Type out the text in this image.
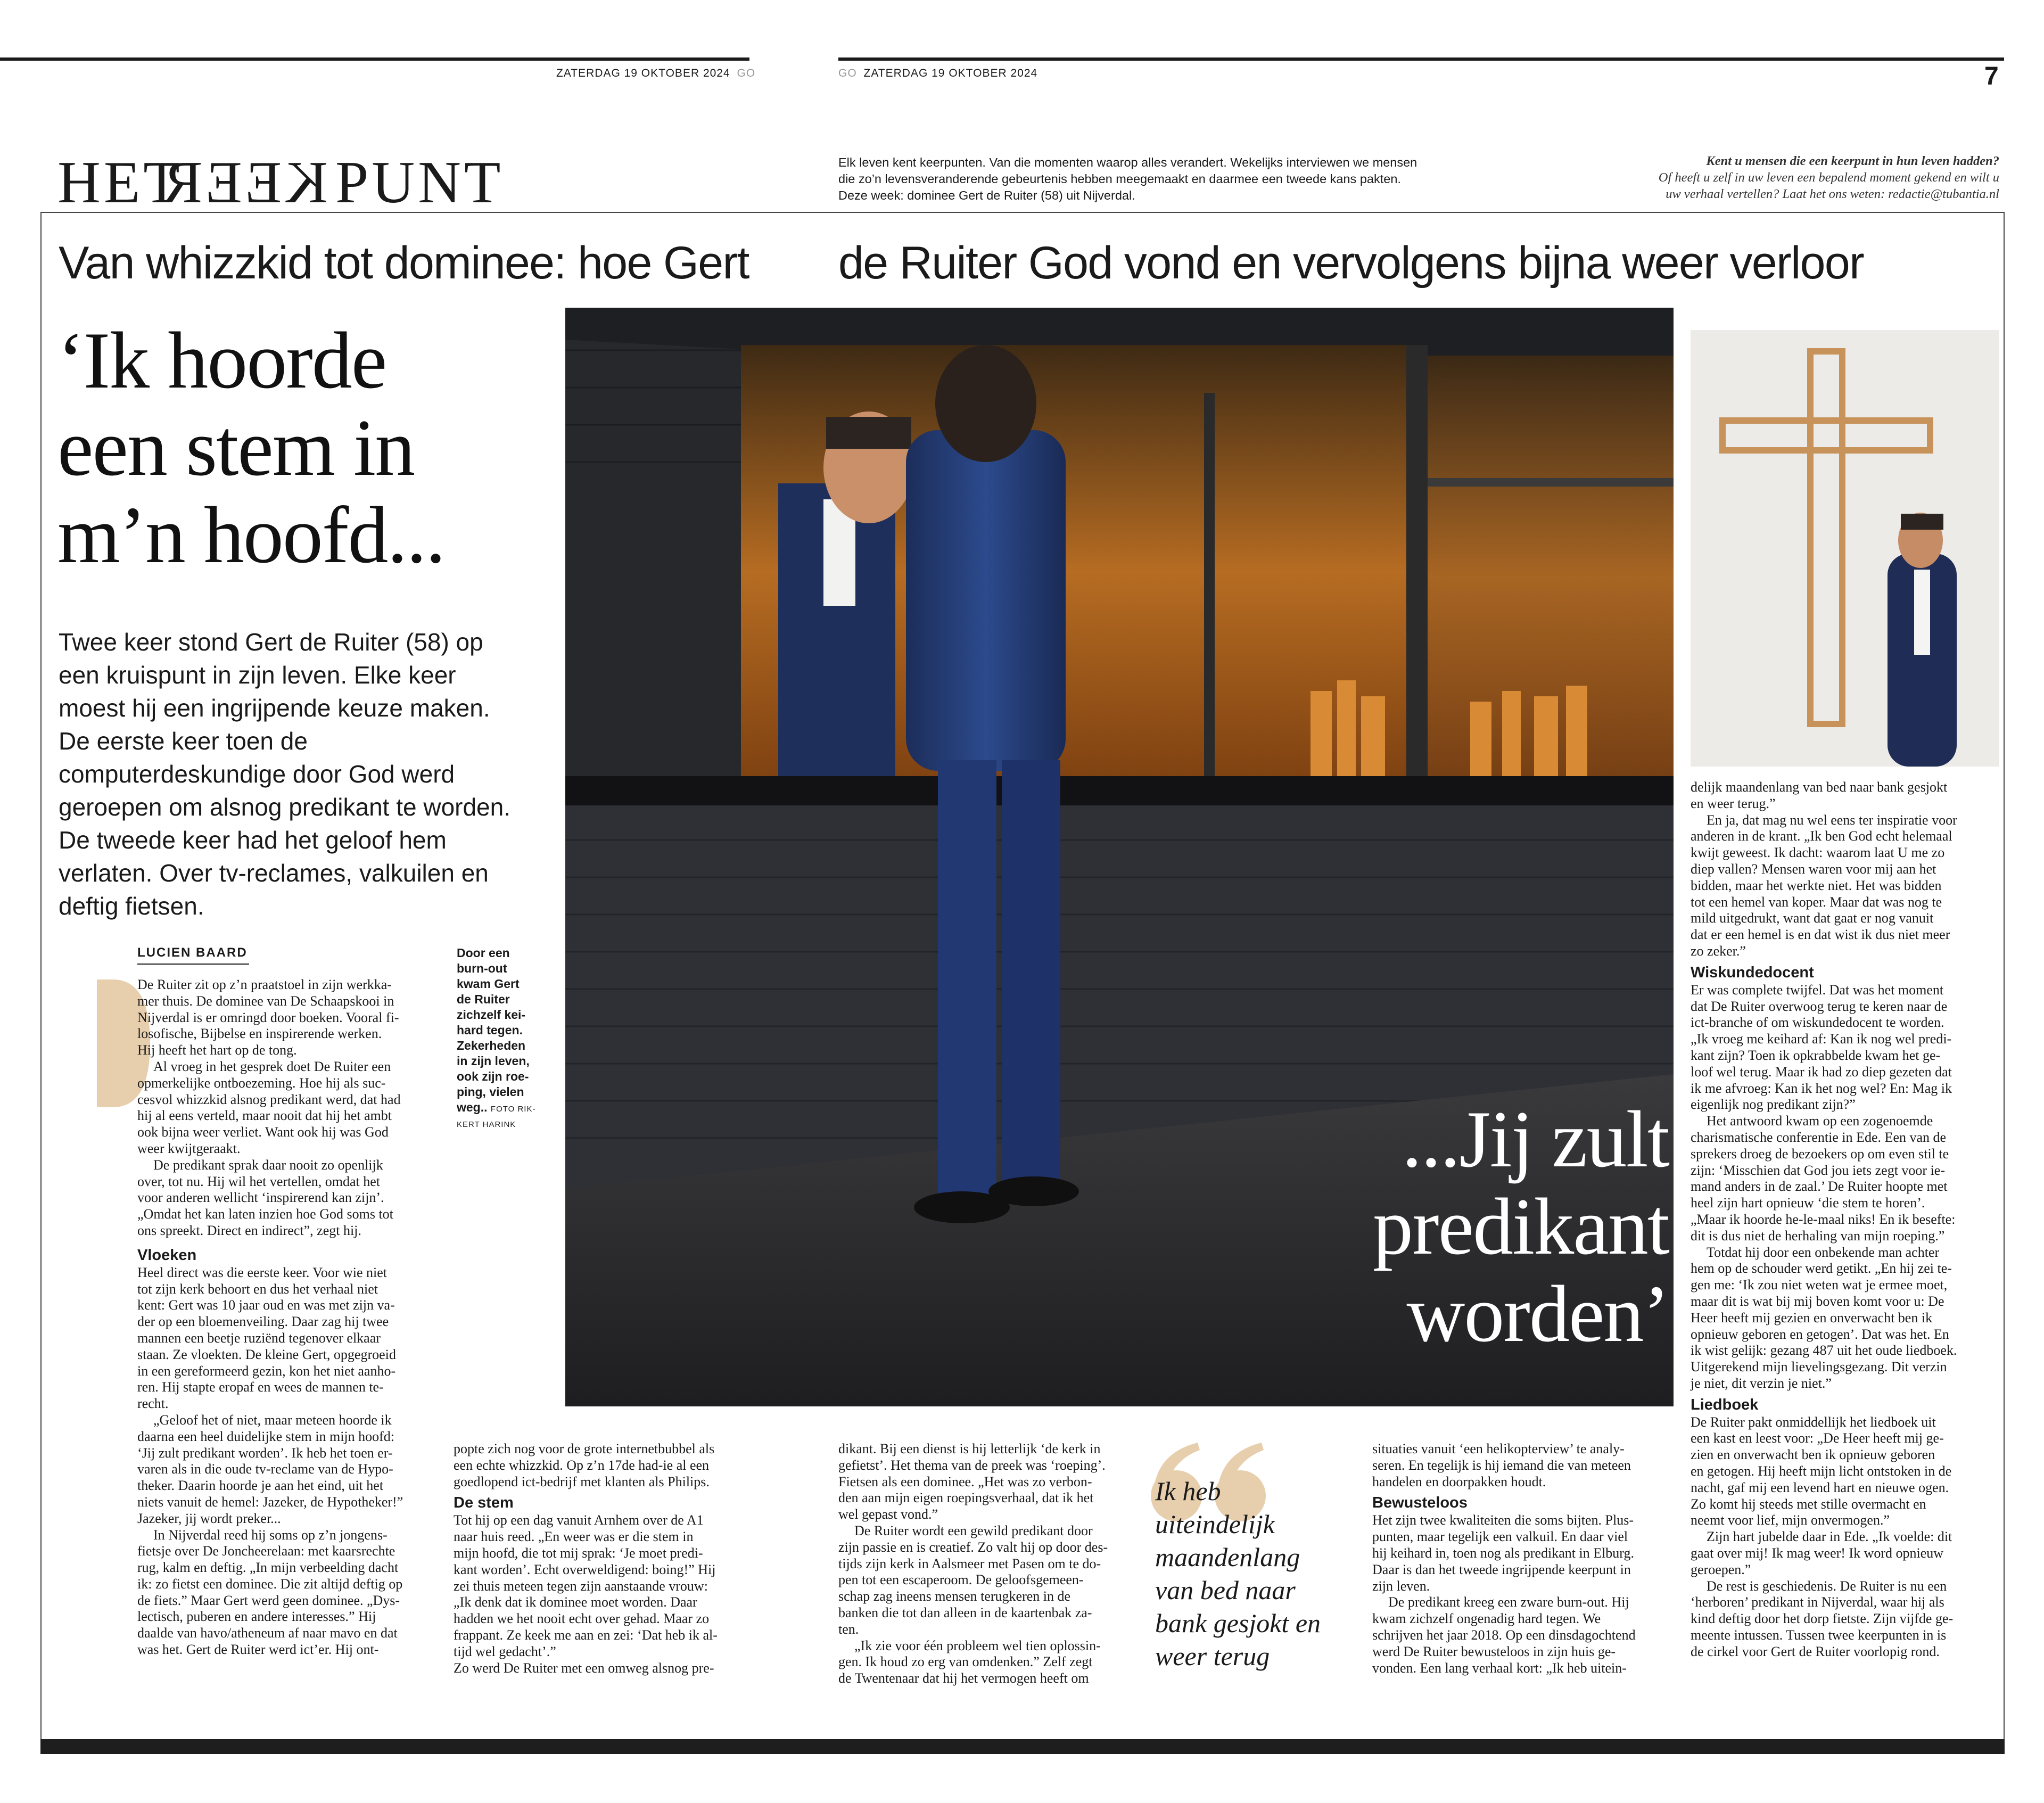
ZATERDAG 19 OKTOBER 2024 GO	GO ZATERDAG 19 OKTOBER 2024	7
HET
KEER PUNT	Elk leven kent keerpunten. Van die momenten waarop alles verandert. Wekelijks interviewen we mensen
die zo’n levensveranderende gebeurtenis hebben meegemaakt en daarmee een tweede kans pakten.
Deze week: dominee Gert de Ruiter (58) uit Nijverdal.
Kent u mensen die een keerpunt in hun leven hadden?
Of heeft u zelf in uw leven een bepalend moment gekend en wilt u
uw verhaal vertellen? Laat het ons weten: redactie@tubantia.nl
Van whizzkid tot dominee: hoe Gert de Ruiter God vond en vervolgens bijna weer verloor
‘Ik hoorde
een stem in
m’n hoofd...
Twee keer stond Gert de Ruiter (58) op
een kruispunt in zijn leven. Elke keer
moest hij een ingrijpende keuze maken.
De eerste keer toen de
computerdeskundige door God werd
geroepen om alsnog predikant te worden.
De tweede keer had het geloof hem
verlaten. Over tv-reclames, valkuilen en
deftig fietsen.
LUCIEN BAARD	Door een
burn-out
kwam Gert
de Ruiter
zichzelf kei-
hard tegen.
Zekerheden
in zijn leven,
ook zijn roe-
ping, vielen
weg.. FOTO RIK-
KERT HARINK	...Jij zult
predikant
worden’
Ik heb
uiteindelijk
maandenlang
van bed naar
bank gesjokt en
weer terug

De Ruiter zit op z’n praatstoel in zijn werkka-
mer thuis. De dominee van De Schaapskooi in
Nijverdal is er omringd door boeken. Vooral fi-
losofische, Bijbelse en inspirerende werken.
Hij heeft het hart op de tong.

Al vroeg in het gesprek doet De Ruiter een
opmerkelijke ontboezeming. Hoe hij als suc-
cesvol whizzkid alsnog predikant werd, dat had
hij al eens verteld, maar nooit dat hij het ambt
ook bijna weer verliet. Want ook hij was God
weer kwijtgeraakt.

De predikant sprak daar nooit zo openlijk
over, tot nu. Hij wil het vertellen, omdat het
voor anderen wellicht ‘inspirerend kan zijn’.
„Omdat het kan laten inzien hoe God soms tot
ons spreekt. Direct en indirect”, zegt hij.

Vloeken

Heel direct was die eerste keer. Voor wie niet
tot zijn kerk behoort en dus het verhaal niet
kent: Gert was 10 jaar oud en was met zijn va-
der op een bloemenveiling. Daar zag hij twee
mannen een beetje ruziënd tegenover elkaar
staan. Ze vloekten. De kleine Gert, opgegroeid
in een gereformeerd gezin, kon het niet aanho-
ren. Hij stapte eropaf en wees de mannen te-
recht.

„Geloof het of niet, maar meteen hoorde ik
daarna een heel duidelijke stem in mijn hoofd:
‘Jij zult predikant worden’. Ik heb het toen er-
varen als in die oude tv-reclame van de Hypo-
theker. Daarin hoorde je aan het eind, uit het
niets vanuit de hemel: Jazeker, de Hypotheker!”
Jazeker, jij wordt preker...

In Nijverdal reed hij soms op z’n jongens-
fietsje over De Joncheerelaan: met kaarsrechte
rug, kalm en deftig. „In mijn verbeelding dacht
ik: zo fietst een dominee. Die zit altijd deftig op
de fiets.” Maar Gert werd geen dominee. „Dys-
lectisch, puberen en andere interesses.” Hij
daalde van havo/atheneum af naar mavo en dat
was het. Gert de Ruiter werd ict’er. Hij ont-

popte zich nog voor de grote internetbubbel als
een echte whizzkid. Op z’n 17de had-ie al een
goedlopend ict-bedrijf met klanten als Philips.

De stem

Tot hij op een dag vanuit Arnhem over de A1
naar huis reed. „En weer was er die stem in
mijn hoofd, die tot mij sprak: ‘Je moet predi-
kant worden’. Echt overweldigend: boing!” Hij
zei thuis meteen tegen zijn aanstaande vrouw:
„Ik denk dat ik dominee moet worden. Daar
hadden we het nooit echt over gehad. Maar zo
frappant. Ze keek me aan en zei: ‘Dat heb ik al-
tijd wel gedacht’.”
Zo werd De Ruiter met een omweg alsnog pre-

dikant. Bij een dienst is hij letterlijk ‘de kerk in
gefietst’. Het thema van de preek was ‘roeping’.
Fietsen als een dominee. „Het was zo verbon-
den aan mijn eigen roepingsverhaal, dat ik het
wel gepast vond.”

De Ruiter wordt een gewild predikant door
zijn passie en is creatief. Zo valt hij op door des-
tijds zijn kerk in Aalsmeer met Pasen om te do-
pen tot een escaperoom. De geloofsgemeen-
schap zag ineens mensen terugkeren in de
banken die tot dan alleen in de kaartenbak za-
ten.

„Ik zie voor één probleem wel tien oplossin-
gen. Ik houd zo erg van omdenken.” Zelf zegt
de Twentenaar dat hij het vermogen heeft om

situaties vanuit ‘een helikopterview’ te analy-
seren. En tegelijk is hij iemand die van meteen
handelen en doorpakken houdt.

Bewusteloos

Het zijn twee kwaliteiten die soms bijten. Plus-
punten, maar tegelijk een valkuil. En daar viel
hij keihard in, toen nog als predikant in Elburg.
Daar is dan het tweede ingrijpende keerpunt in
zijn leven.

De predikant kreeg een zware burn-out. Hij
kwam zichzelf ongenadig hard tegen. We
schrijven het jaar 2018. Op een dinsdagochtend
werd De Ruiter bewusteloos in zijn huis ge-
vonden. Een lang verhaal kort: „Ik heb uitein-

delijk maandenlang van bed naar bank gesjokt
en weer terug.”

En ja, dat mag nu wel eens ter inspiratie voor
anderen in de krant. „Ik ben God echt helemaal
kwijt geweest. Ik dacht: waarom laat U me zo
diep vallen? Mensen waren voor mij aan het
bidden, maar het werkte niet. Het was bidden
tot een hemel van koper. Maar dat was nog te
mild uitgedrukt, want dat gaat er nog vanuit
dat er een hemel is en dat wist ik dus niet meer
zo zeker.”

Wiskundedocent

Er was complete twijfel. Dat was het moment
dat De Ruiter overwoog terug te keren naar de
ict-branche of om wiskundedocent te worden.
„Ik vroeg me keihard af: Kan ik nog wel predi-
kant zijn? Toen ik opkrabbelde kwam het ge-
loof wel terug. Maar ik had zo diep gezeten dat
ik me afvroeg: Kan ik het nog wel? En: Mag ik
eigenlijk nog predikant zijn?”

Het antwoord kwam op een zogenoemde
charismatische conferentie in Ede. Een van de
sprekers droeg de bezoekers op om even stil te
zijn: ‘Misschien dat God jou iets zegt voor ie-
mand anders in de zaal.’ De Ruiter hoopte met
heel zijn hart opnieuw ‘die stem te horen’.
„Maar ik hoorde he-le-maal niks! En ik besefte:
dit is dus niet de herhaling van mijn roeping.”

Totdat hij door een onbekende man achter
hem op de schouder werd getikt. „En hij zei te-
gen me: ‘Ik zou niet weten wat je ermee moet,
maar dit is wat bij mij boven komt voor u: De
Heer heeft mij gezien en onverwacht ben ik
opnieuw geboren en getogen’. Dat was het. En
ik wist gelijk: gezang 487 uit het oude liedboek.
Uitgerekend mijn lievelingsgezang. Dit verzin
je niet, dit verzin je niet.”

Liedboek

De Ruiter pakt onmiddellijk het liedboek uit
een kast en leest voor: „De Heer heeft mij ge-
zien en onverwacht ben ik opnieuw geboren
en getogen. Hij heeft mijn licht ontstoken in de
nacht, gaf mij een levend hart en nieuwe ogen.
Zo komt hij steeds met stille overmacht en
neemt voor lief, mijn onvermogen.”

Zijn hart jubelde daar in Ede. „Ik voelde: dit
gaat over mij! Ik mag weer! Ik word opnieuw
geroepen.”

De rest is geschiedenis. De Ruiter is nu een
‘herboren’ predikant in Nijverdal, waar hij als
kind deftig door het dorp fietste. Zijn vijfde ge-
meente intussen. Tussen twee keerpunten in is
de cirkel voor Gert de Ruiter voorlopig rond.
